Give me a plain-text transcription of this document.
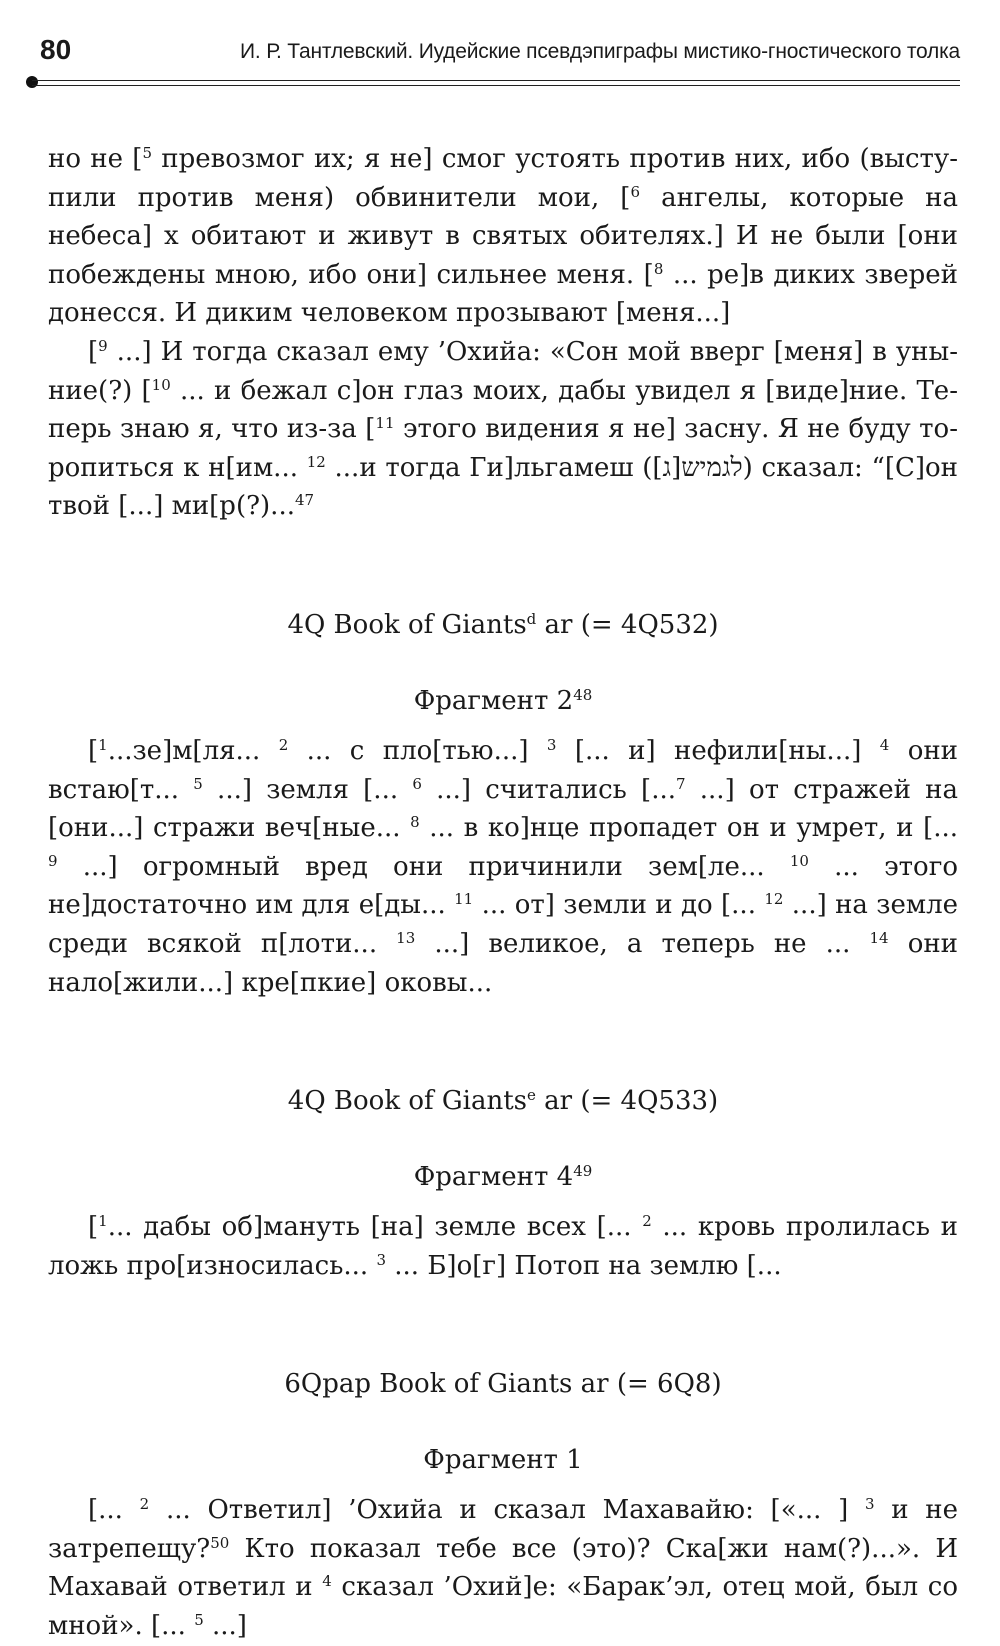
80	И. Р. Тантлевский. Иудейские псевдэпиграфы мистико-гностического толка

но не [$^5$ превозмог их; я не] смог устоять против них, ибо (выступили против меня) обвинители мои, [$^6$ ангелы, которые на небеса] х обитают и живут в святых обителях.] И не были [они побеждены мною, ибо они] сильнее меня. [$^8$ ... ре]в диких зверей донесся. И диким человеком прозывают [меня...]

[$^9$ ...] И тогда сказал ему ’Охийа: «Сон мой вверг [меня] в уныние(?) [$^{10}$ ... и бежал с]он глаз моих, дабы увидел я [виде]ние. Теперь знаю я, что из-за [$^{11}$ этого видения я не] засну. Я не буду торопиться к н[им... $^{12}$ ...и тогда Ги]льгамеш (לגמיש[ג]) сказал: “[С]он твой [...] ми[р(?)...$^{47}$

4Q Book of Giants$^d$ ar (= 4Q532)
Фрагмент $2^{48}$

[$^1$...зе]м[ля... $^2$ ... с пло[тью...] $^3$ [... и] нефили[ны...] $^4$ они встаю[т... $^5$ ...] земля [... $^6$ ...] считались [...$^7$ ...] от стражей на [они...] стражи веч[ные... $^8$ ... в ко]нце пропадет он и умрет, и [... $^9$ ...] огромный вред они причинили зем[ле... $^{10}$ ... этого не]достаточно им для е[ды... $^{11}$ ... от] земли и до [... $^{12}$ ...] на земле среди всякой п[лоти... $^{13}$ ...] великое, а теперь не ... $^{14}$ они нало[жили...] кре[пкие] оковы...

4Q Book of Giants$^e$ ar (= 4Q533)
Фрагмент $4^{49}$

[$^1$... дабы об]мануть [на] земле всех [... $^2$ ... кровь пролилась и ложь про[износилась... $^3$ ... Б]о[г] Потоп на землю [...

6Qpap Book of Giants ar (= 6Q8)
Фрагмент 1

[... $^2$ ... Ответил] ’Охийа и сказал Махавайю: [«... ] $^3$ и не затрепещу?$^{50}$ Кто показал тебе все (это)? Ска[жи нам(?)...». И Махавай ответил и $^4$ сказал ’Охий]е: «Барак’эл, отец мой, был со мной». [... $^5$ ...]
